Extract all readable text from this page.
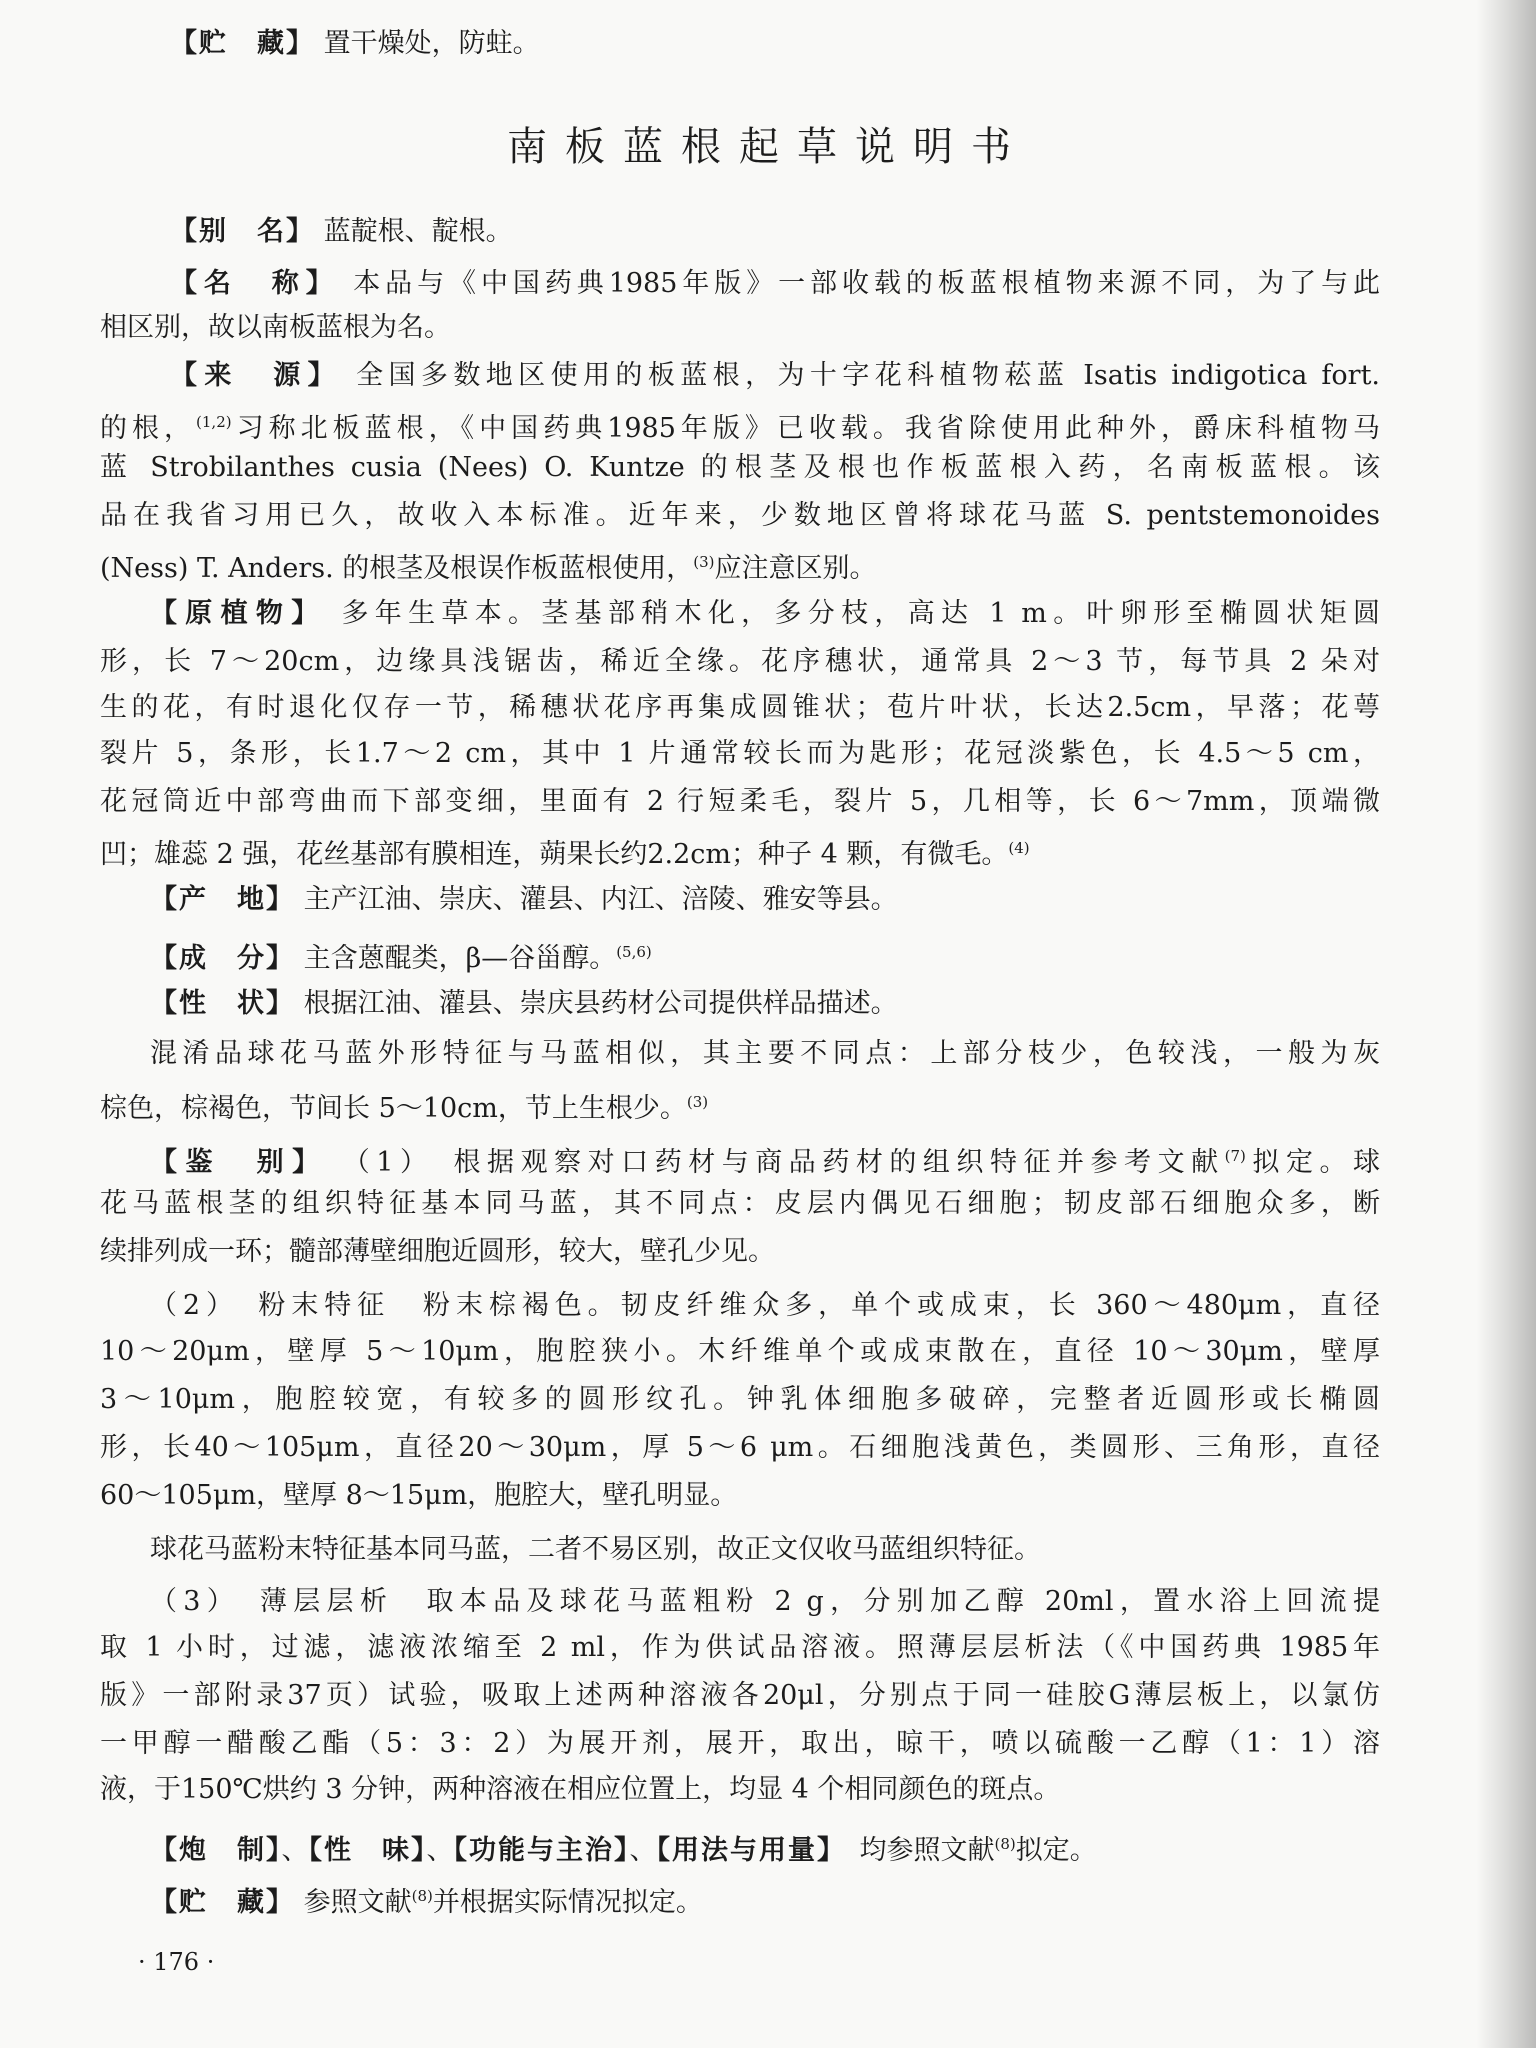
【贮　藏】 置干燥处，防蛀。
南板蓝根起草说明书
【别　名】 蓝靛根、靛根。
【名　称】 本品与《中国药典1985年版》一部收载的板蓝根植物来源不同，为了与此
相区别，故以南板蓝根为名。
【来　源】 全国多数地区使用的板蓝根，为十字花科植物菘蓝 Isatis indigotica fort.
的根，$^{(1,2)}$习称北板蓝根，《中国药典1985年版》已收载。我省除使用此种外，爵床科植物马
蓝 Strobilanthes cusia (Nees) O. Kuntze 的根茎及根也作板蓝根入药，名南板蓝根。该
品在我省习用已久，故收入本标准。近年来，少数地区曾将球花马蓝 S. pentstemonoides
(Ness) T. Anders. 的根茎及根误作板蓝根使用，$^{(3)}$应注意区别。
【原植物】 多年生草本。茎基部稍木化，多分枝，高达 1 m。叶卵形至椭圆状矩圆
形，长 7～20cm，边缘具浅锯齿，稀近全缘。花序穗状，通常具 2～3 节，每节具 2 朵对
生的花，有时退化仅存一节，稀穗状花序再集成圆锥状；苞片叶状，长达2.5cm，早落；花萼
裂片 5，条形，长1.7～2 cm，其中 1 片通常较长而为匙形；花冠淡紫色，长 4.5～5 cm，
花冠筒近中部弯曲而下部变细，里面有 2 行短柔毛，裂片 5，几相等，长 6～7mm，顶端微
凹；雄蕊 2 强，花丝基部有膜相连，蒴果长约2.2cm；种子 4 颗，有微毛。$^{(4)}$
【产　地】 主产江油、崇庆、灌县、内江、涪陵、雅安等县。
【成　分】 主含蒽醌类，β—谷甾醇。$^{(5,6)}$
【性　状】 根据江油、灌县、崇庆县药材公司提供样品描述。
混淆品球花马蓝外形特征与马蓝相似，其主要不同点：上部分枝少，色较浅，一般为灰
棕色，棕褐色，节间长 5～10cm，节上生根少。$^{(3)}$
【鉴　别】 （1）　根据观察对口药材与商品药材的组织特征并参考文献$^{(7)}$拟定。球
花马蓝根茎的组织特征基本同马蓝，其不同点：皮层内偶见石细胞；韧皮部石细胞众多，断
续排列成一环；髓部薄壁细胞近圆形，较大，壁孔少见。
（2）　粉末特征　粉末棕褐色。韧皮纤维众多，单个或成束，长 360～480μm，直径
10～20μm，壁厚 5～10μm，胞腔狭小。木纤维单个或成束散在，直径 10～30μm，壁厚
3～10μm，胞腔较宽，有较多的圆形纹孔。钟乳体细胞多破碎，完整者近圆形或长椭圆
形，长40～105μm，直径20～30μm，厚 5～6 μm。石细胞浅黄色，类圆形、三角形，直径
60～105μm，壁厚 8～15μm，胞腔大，壁孔明显。
球花马蓝粉末特征基本同马蓝，二者不易区别，故正文仅收马蓝组织特征。
（3）　薄层层析　取本品及球花马蓝粗粉 2 g，分别加乙醇 20ml，置水浴上回流提
取 1 小时，过滤，滤液浓缩至 2 ml，作为供试品溶液。照薄层层析法（《中国药典 1985年
版》一部附录37页）试验，吸取上述两种溶液各20μl，分别点于同一硅胶G薄层板上，以氯仿
一甲醇一醋酸乙酯（5：3：2）为展开剂，展开，取出，晾干，喷以硫酸一乙醇（1：1）溶
液，于150℃烘约 3 分钟，两种溶液在相应位置上，均显 4 个相同颜色的斑点。
【炮　制】、【性　味】、【功能与主治】、【用法与用量】　均参照文献$^{(8)}$拟定。
【贮　藏】 参照文献$^{(8)}$并根据实际情况拟定。
· 176 ·
